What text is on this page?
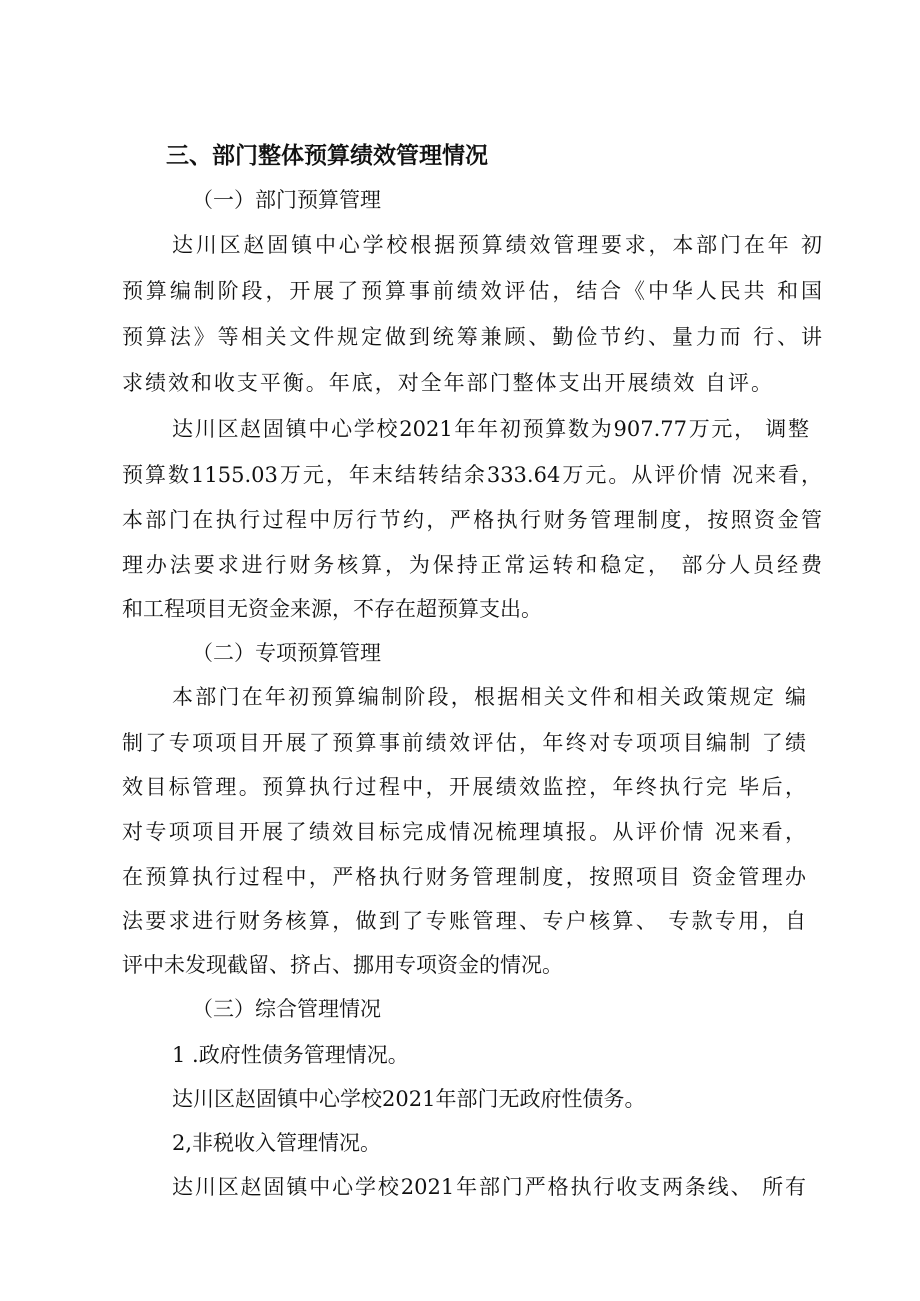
三、部门整体预算绩效管理情况
（一）部门预算管理
达川区赵固镇中心学校根据预算绩效管理要求，本部门在年 初
预算编制阶段，开展了预算事前绩效评估，结合《中华人民共 和国
预算法》等相关文件规定做到统筹兼顾、勤俭节约、量力而 行、讲
求绩效和收支平衡。年底，对全年部门整体支出开展绩效 自评。
达川区赵固镇中心学校2021年年初预算数为907.77万元， 调整
预算数1155.03万元，年末结转结余333.64万元。从评价情 况来看，
本部门在执行过程中厉行节约，严格执行财务管理制度，按照资金管
理办法要求进行财务核算，为保持正常运转和稳定， 部分人员经费
和工程项目无资金来源，不存在超预算支出。
（二）专项预算管理
本部门在年初预算编制阶段，根据相关文件和相关政策规定 编
制了专项项目开展了预算事前绩效评估，年终对专项项目编制 了绩
效目标管理。预算执行过程中，开展绩效监控，年终执行完 毕后，
对专项项目开展了绩效目标完成情况梳理填报。从评价情 况来看，
在预算执行过程中，严格执行财务管理制度，按照项目 资金管理办
法要求进行财务核算，做到了专账管理、专户核算、 专款专用，自
评中未发现截留、挤占、挪用专项资金的情况。
（三）综合管理情况
1 .政府性债务管理情况。
达川区赵固镇中心学校2021年部门无政府性债务。
2,非税收入管理情况。
达川区赵固镇中心学校2021年部门严格执行收支两条线、 所有
